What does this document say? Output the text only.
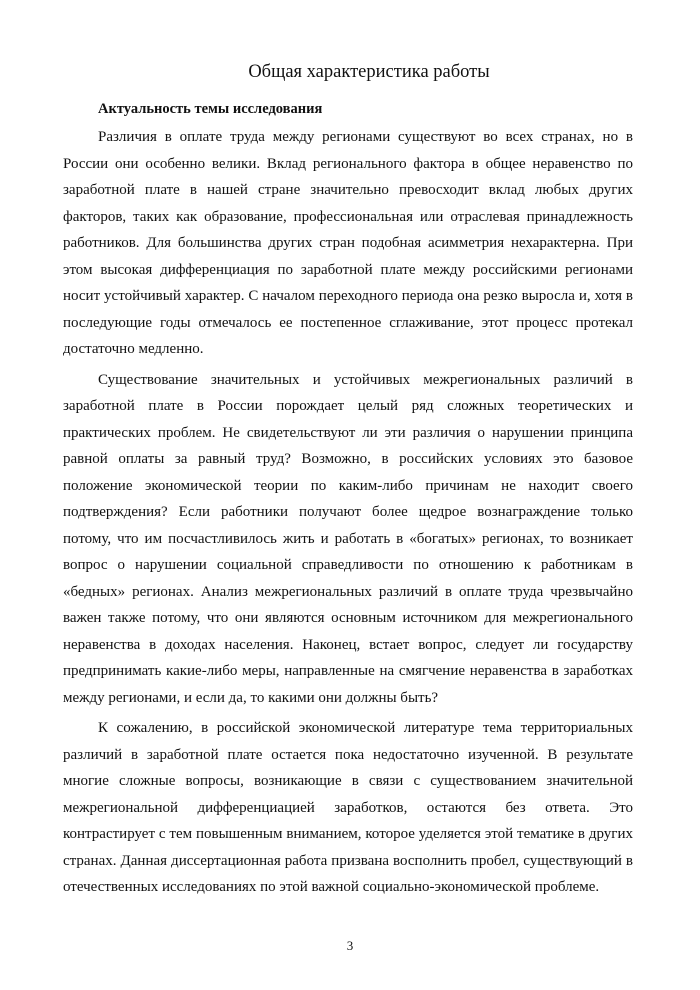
Общая характеристика работы
Актуальность темы исследования

Различия в оплате труда между регионами существуют во всех странах, но в России они особенно велики. Вклад регионального фактора в общее неравенство по заработной плате в нашей стране значительно превосходит вклад любых других факторов, таких как образование, профессиональная или отраслевая принадлежность работников. Для большинства других стран подобная асимметрия нехарактерна. При этом высокая дифференциация по заработной плате между российскими регионами носит устойчивый характер. С началом переходного периода она резко выросла и, хотя в последующие годы отмечалось ее постепенное сглаживание, этот процесс протекал достаточно медленно.

Существование значительных и устойчивых межрегиональных различий в заработной плате в России порождает целый ряд сложных теоретических и практических проблем. Не свидетельствуют ли эти различия о нарушении принципа равной оплаты за равный труд? Возможно, в российских условиях это базовое положение экономической теории по каким-либо причинам не находит своего подтверждения? Если работники получают более щедрое вознаграждение только потому, что им посчастливилось жить и работать в «богатых» регионах, то возникает вопрос о нарушении социальной справедливости по отношению к работникам в «бедных» регионах. Анализ межрегиональных различий в оплате труда чрезвычайно важен также потому, что они являются основным источником для межрегионального неравенства в доходах населения. Наконец, встает вопрос, следует ли государству предпринимать какие-либо меры, направленные на смягчение неравенства в заработках между регионами, и если да, то какими они должны быть?

К сожалению, в российской экономической литературе тема территориальных различий в заработной плате остается пока недостаточно изученной. В результате многие сложные вопросы, возникающие в связи с существованием значительной межрегиональной дифференциацией заработков, остаются без ответа. Это контрастирует с тем повышенным вниманием, которое уделяется этой тематике в других странах. Данная диссертационная работа призвана восполнить пробел, существующий в отечественных исследованиях по этой важной социально-экономической проблеме.

3
